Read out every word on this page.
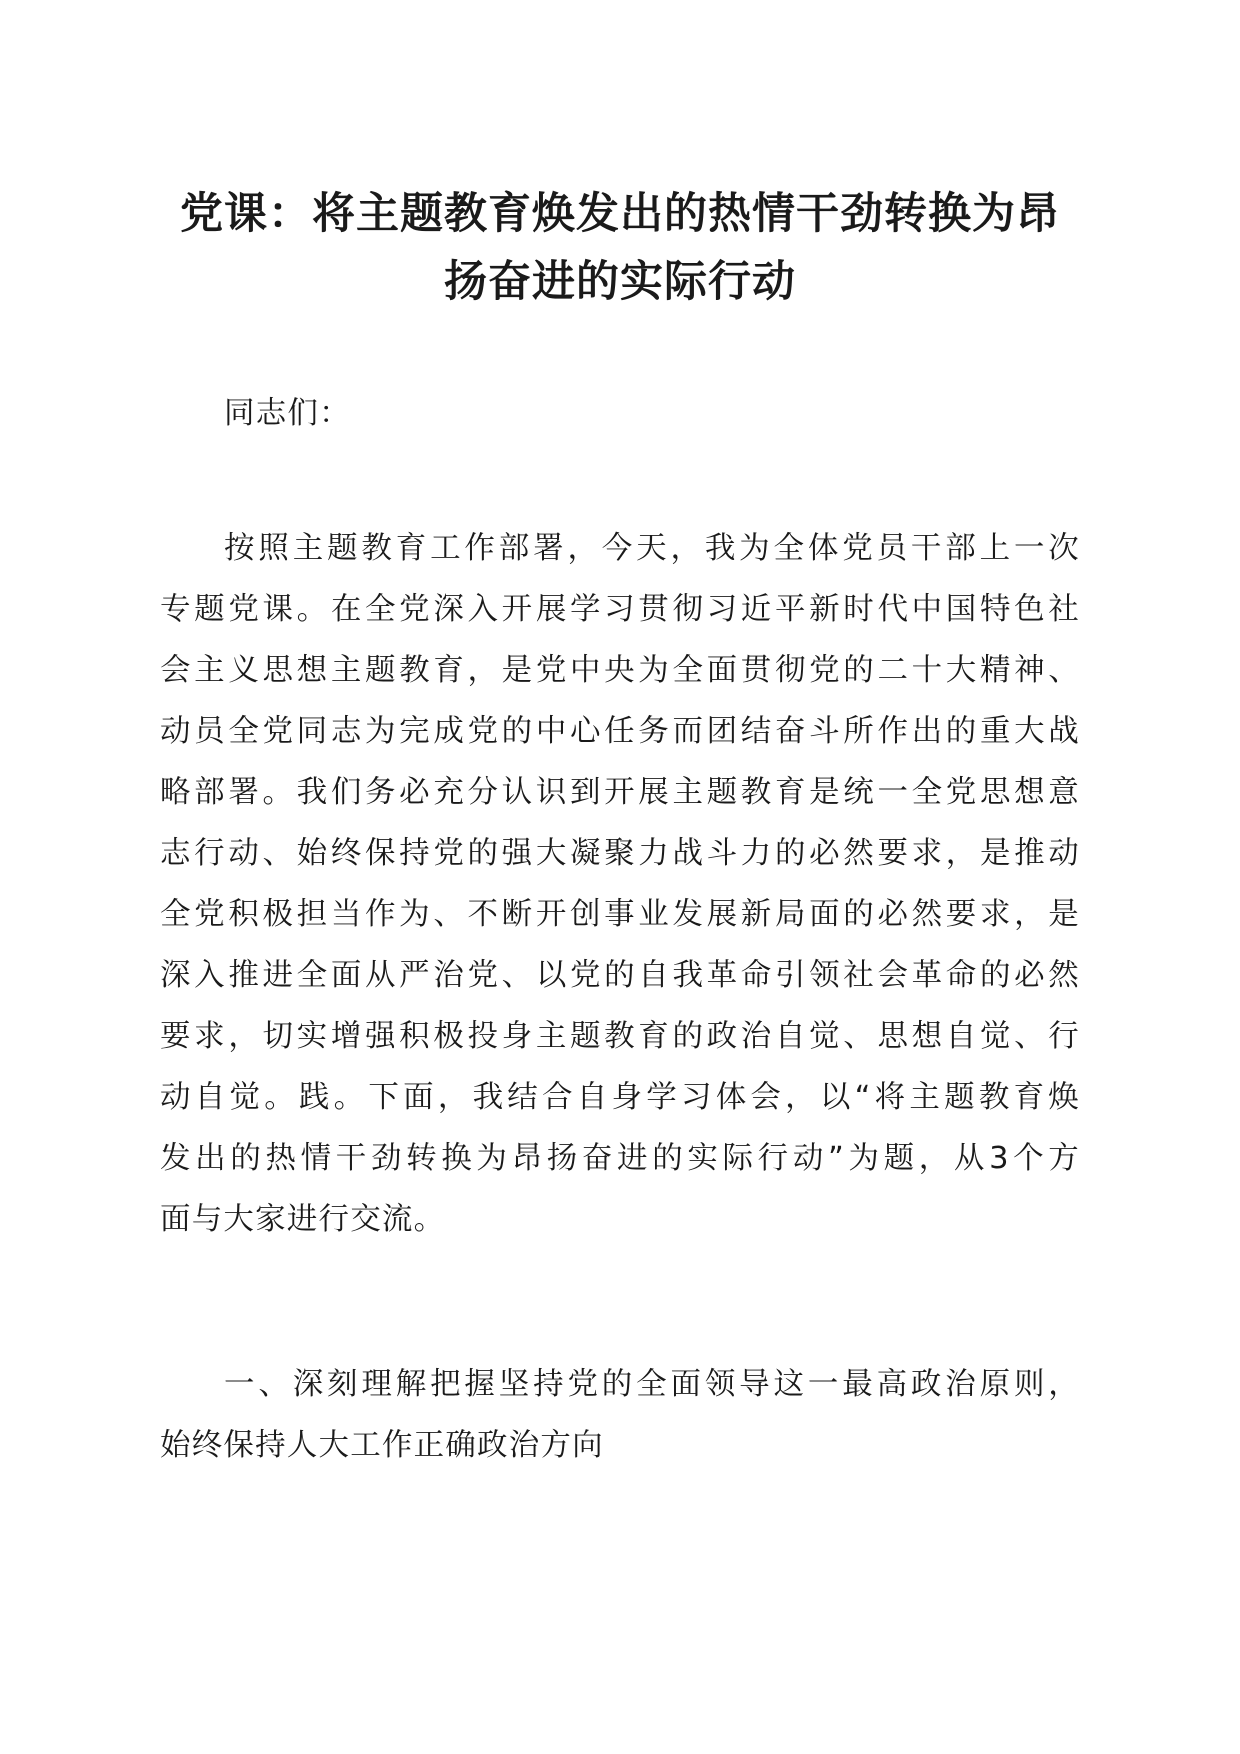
党课：将主题教育焕发出的热情干劲转换为昂
扬奋进的实际行动
同志们：
按照主题教育工作部署，今天，我为全体党员干部上一次
专题党课。在全党深入开展学习贯彻习近平新时代中国特色社
会主义思想主题教育，是党中央为全面贯彻党的二十大精神、
动员全党同志为完成党的中心任务而团结奋斗所作出的重大战
略部署。我们务必充分认识到开展主题教育是统一全党思想意
志行动、始终保持党的强大凝聚力战斗力的必然要求，是推动
全党积极担当作为、不断开创事业发展新局面的必然要求，是
深入推进全面从严治党、以党的自我革命引领社会革命的必然
要求，切实增强积极投身主题教育的政治自觉、思想自觉、行
动自觉。践。下面，我结合自身学习体会，以“将主题教育焕
发出的热情干劲转换为昂扬奋进的实际行动”为题，从3个方
面与大家进行交流。
一、深刻理解把握坚持党的全面领导这一最高政治原则，
始终保持人大工作正确政治方向
